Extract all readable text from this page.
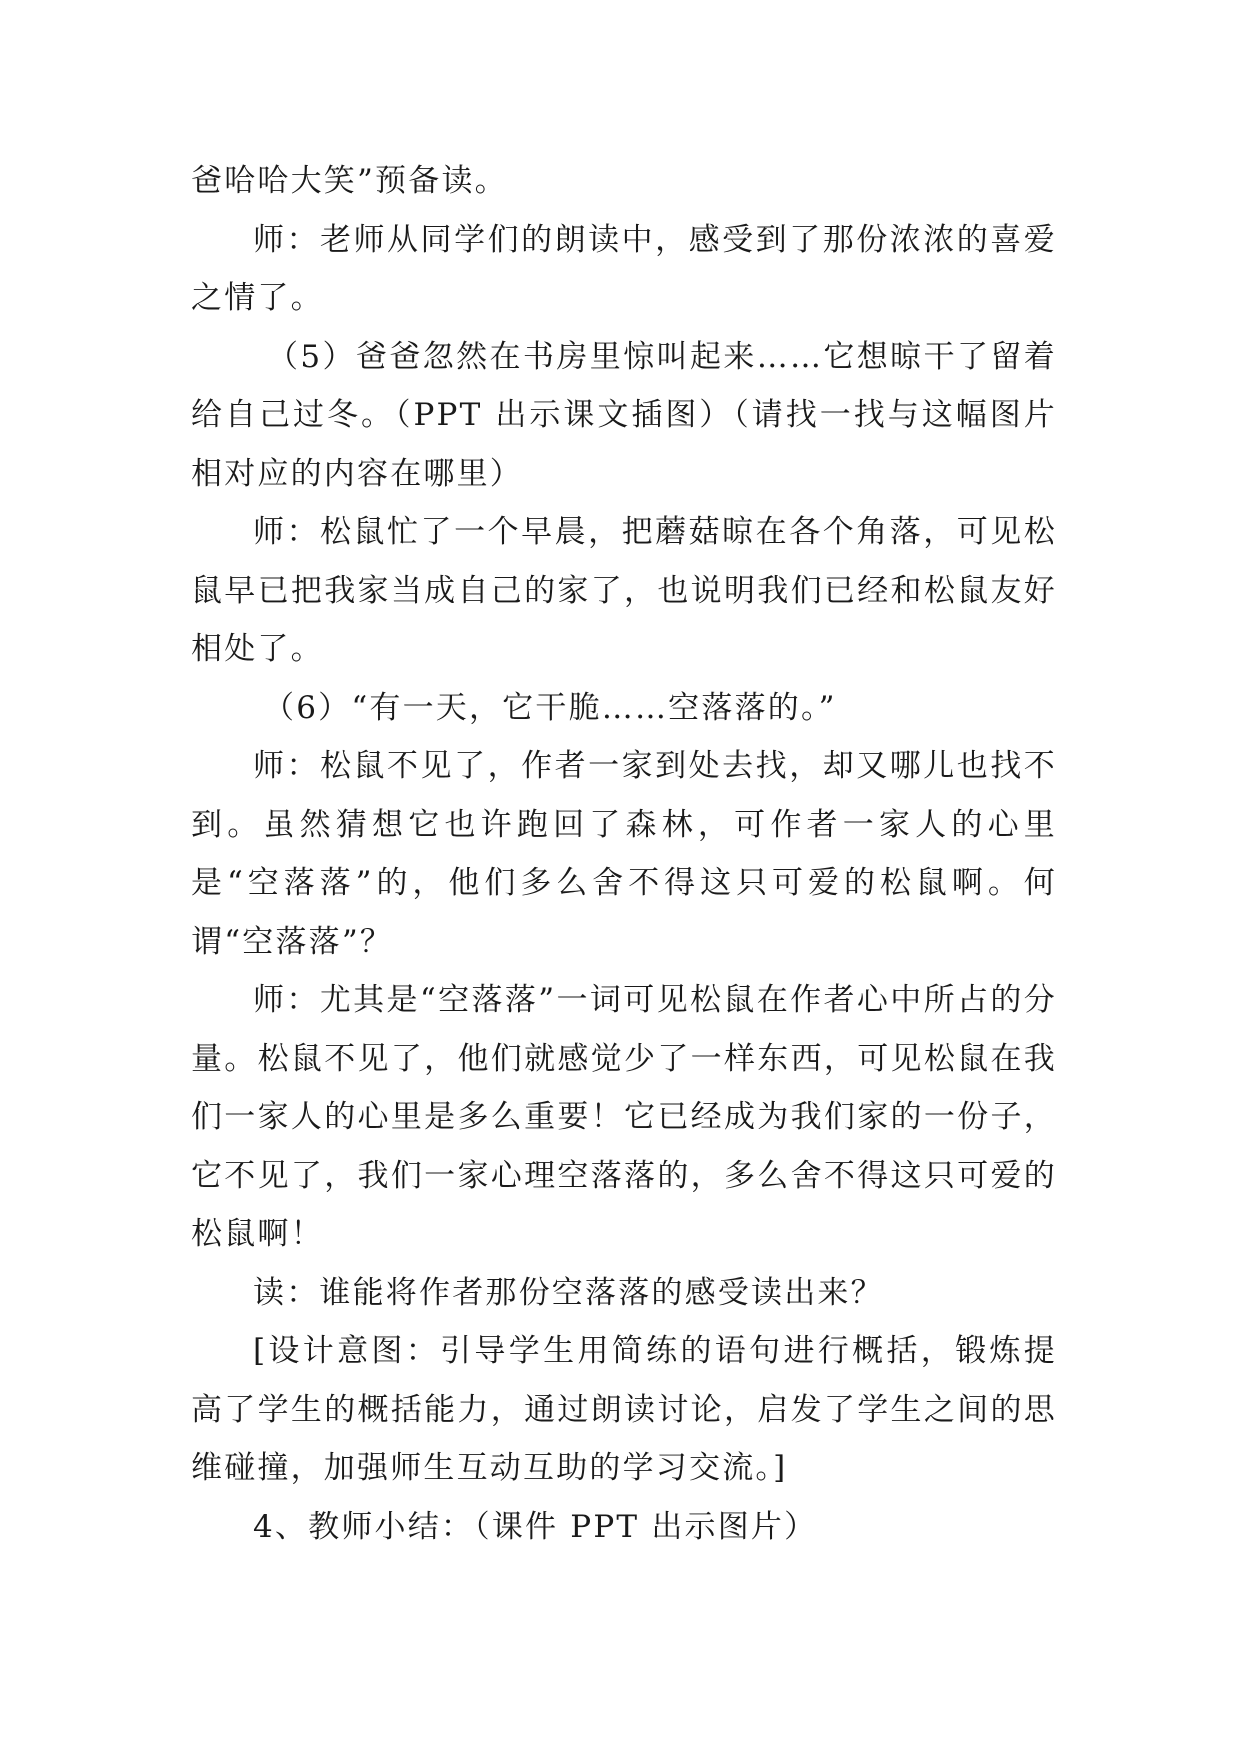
爸哈哈大笑”预备读。

师：老师从同学们的朗读中，感受到了那份浓浓的喜爱之情了。

（5）爸爸忽然在书房里惊叫起来……它想晾干了留着给自己过冬。（PPT 出示课文插图）（请找一找与这幅图片相对应的内容在哪里）

师：松鼠忙了一个早晨，把蘑菇晾在各个角落，可见松鼠早已把我家当成自己的家了，也说明我们已经和松鼠友好相处了。

（6）“有一天，它干脆……空落落的。”

师：松鼠不见了，作者一家到处去找，却又哪儿也找不到。虽然猜想它也许跑回了森林，可作者一家人的心里是“空落落”的，他们多么舍不得这只可爱的松鼠啊。何谓“空落落”？

师：尤其是“空落落”一词可见松鼠在作者心中所占的分量。松鼠不见了，他们就感觉少了一样东西，可见松鼠在我们一家人的心里是多么重要！它已经成为我们家的一份子，它不见了，我们一家心理空落落的，多么舍不得这只可爱的松鼠啊！

读：谁能将作者那份空落落的感受读出来？

[设计意图：引导学生用简练的语句进行概括，锻炼提高了学生的概括能力，通过朗读讨论，启发了学生之间的思维碰撞，加强师生互动互助的学习交流。]

4、教师小结：（课件 PPT 出示图片）
